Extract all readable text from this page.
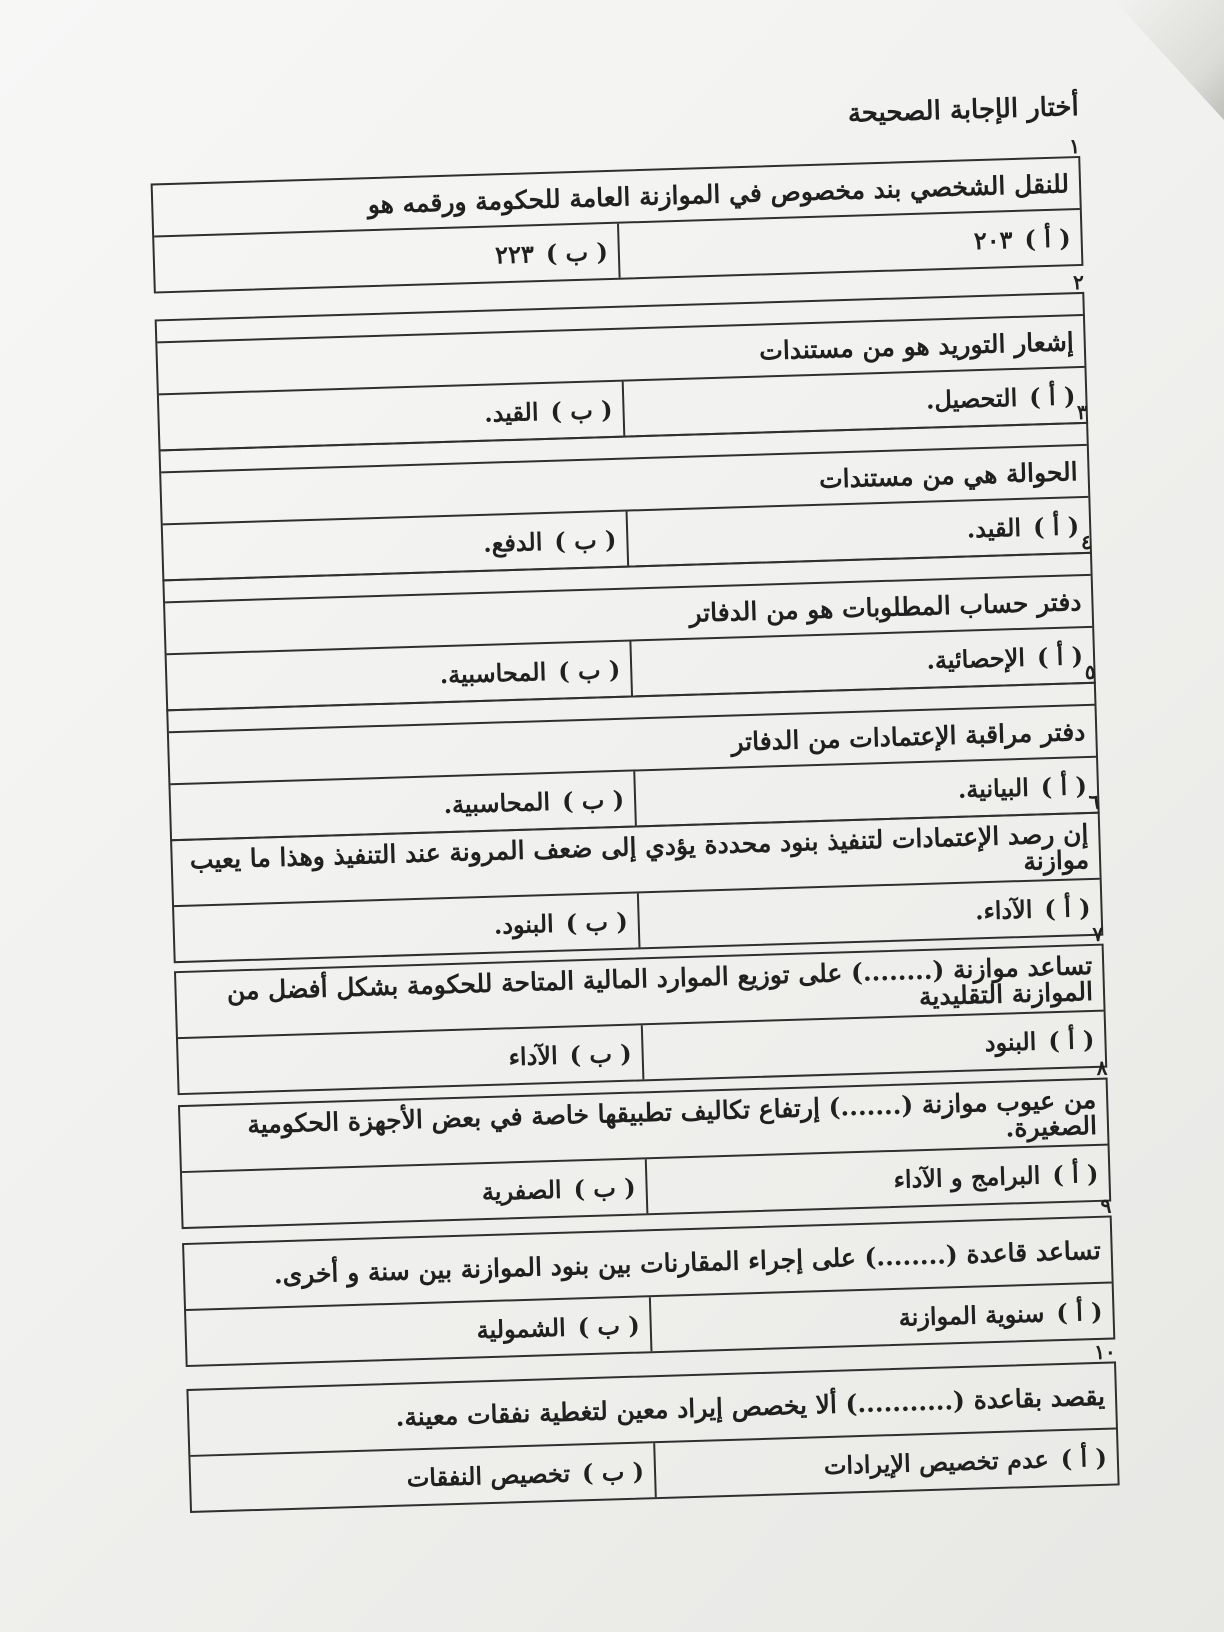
أختار الإجابة الصحيحة
١
للنقل الشخصي بند مخصوص في الموازنة العامة للحكومة ورقمه هو
( أ )
٢٠٣
( ب )
٢٢٣
٢
إشعار التوريد هو من مستندات
( أ )
التحصيل.
( ب )
القيد.	٣
الحوالة هي من مستندات
( أ )
القيد.
( ب )
الدفع.	٤
دفتر حساب المطلوبات هو من الدفاتر
( أ )
الإحصائية.
( ب )
المحاسبية.	٥
دفتر مراقبة الإعتمادات من الدفاتر
( أ )
البيانية.
( ب )
المحاسبية.	٦
إن رصد الإعتمادات لتنفيذ بنود محددة يؤدي إلى ضعف المرونة عند التنفيذ وهذا ما يعيب موازنة
( أ )
الآداء.
( ب )
البنود.	٧
تساعد موازنة (........) على توزيع الموارد المالية المتاحة للحكومة بشكل أفضل من الموازنة التقليدية
( أ )
البنود
( ب )
الآداء	٨
من عيوب موازنة (.......) إرتفاع تكاليف تطبيقها خاصة في بعض الأجهزة الحكومية الصغيرة.
( أ )
البرامج و الآداء
( ب )
الصفرية	٩
تساعد قاعدة (........) على إجراء المقارنات بين بنود الموازنة بين سنة و أخرى.
( أ )
سنوية الموازنة
( ب )
الشمولية
١٠
يقصد بقاعدة (...........) ألا يخصص إيراد معين لتغطية نفقات معينة.
( أ )
عدم تخصيص الإيرادات
( ب )
تخصيص النفقات
